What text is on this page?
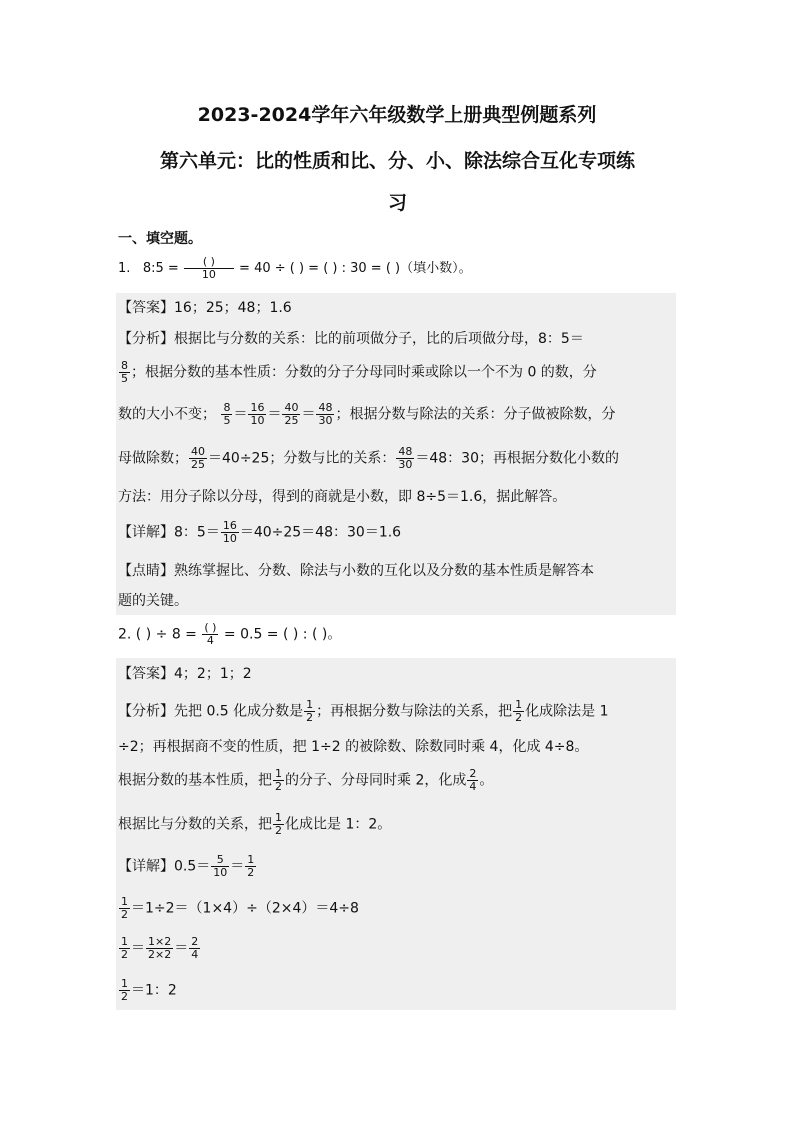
2023-2024学年六年级数学上册典型例题系列
第六单元：比的性质和比、分、小、除法综合互化专项练
习
一、填空题。
1. 8:5 = $\frac{( )}{10} = 40$ ÷ ( ) = ( ) : 30 = ( )（填小数）。
【答案】16；25；48；1.6
【分析】根据比与分数的关系：比的前项做分子，比的后项做分母，8：5＝
$\frac{8}{5}$ ；根据分数的基本性质：分数的分子分母同时乘或除以一个不为 0 的数，分
数的大小不变； $\frac{8}{5} = \frac{16}{10} = \frac{40}{25} = \frac{48}{30}$ ；根据分数与除法的关系：分子做被除数，分
母做除数； $\frac{40}{25} =40\div 25$；分数与比的关系： $\frac{48}{30} =48$：30；再根据分数化小数的
方法：用分子除以分母，得到的商就是小数，即 8÷5＝1.6，据此解答。
【详解】8：$5= \frac{16}{10} =40\div 25=48$：30＝1.6
【点睛】熟练掌握比、分数、除法与小数的互化以及分数的基本性质是解答本
题的关键。
2. ( ) ÷ $8 = \frac{( )}{4} = 0.5$ = ( ) : ( )。
【答案】4；2；1；2
【分析】先把 0.5 化成分数是 $\frac{1}{2}$ ；再根据分数与除法的关系，把 $\frac{1}{2}$ 化成除法是 1
÷2；再根据商不变的性质，把 1÷2 的被除数、除数同时乘 4，化成 4÷8。
根据分数的基本性质，把 $\frac{1}{2}$ 的分子、分母同时乘 2，化成 $\frac{2}{4}$ 。
根据比与分数的关系，把 $\frac{1}{2}$ 化成比是 1：2。
【详解】$0.5= \frac{5}{10} = \frac{1}{2}$
$\frac{1}{2} =1\div 2=(1\times 4)\div(2\times 4)=4\div 8$
$\frac{1}{2} = \frac{1\times 2}{2\times 2} = \frac{2}{4}$
$\frac{1}{2} =1$：2
